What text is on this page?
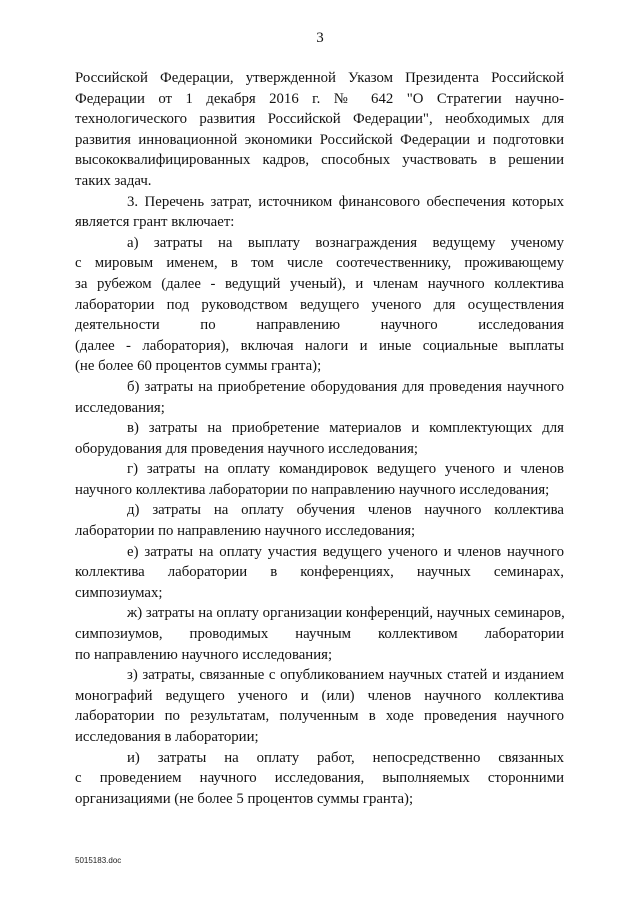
3
Российской Федерации, утвержденной Указом Президента Российской
Федерации от 1 декабря 2016 г. № 642 "О Стратегии научно-
технологического развития Российской Федерации", необходимых для
развития инновационной экономики Российской Федерации и подготовки
высококвалифицированных кадров, способных участвовать в решении
таких задач.
3. Перечень затрат, источником финансового обеспечения которых
является грант включает:
а) затраты на выплату вознаграждения ведущему ученому
с мировым именем, в том числе соотечественнику, проживающему
за рубежом (далее - ведущий ученый), и членам научного коллектива
лаборатории под руководством ведущего ученого для осуществления
деятельности по направлению научного исследования
(далее - лаборатория), включая налоги и иные социальные выплаты
(не более 60 процентов суммы гранта);
б) затраты на приобретение оборудования для проведения научного
исследования;
в) затраты на приобретение материалов и комплектующих для
оборудования для проведения научного исследования;
г) затраты на оплату командировок ведущего ученого и членов
научного коллектива лаборатории по направлению научного исследования;
д) затраты на оплату обучения членов научного коллектива
лаборатории по направлению научного исследования;
е) затраты на оплату участия ведущего ученого и членов научного
коллектива лаборатории в конференциях, научных семинарах,
симпозиумах;
ж) затраты на оплату организации конференций, научных семинаров,
симпозиумов, проводимых научным коллективом лаборатории
по направлению научного исследования;
з) затраты, связанные с опубликованием научных статей и изданием
монографий ведущего ученого и (или) членов научного коллектива
лаборатории по результатам, полученным в ходе проведения научного
исследования в лаборатории;
и) затраты на оплату работ, непосредственно связанных
с проведением научного исследования, выполняемых сторонними
организациями (не более 5 процентов суммы гранта);
5015183.doc
